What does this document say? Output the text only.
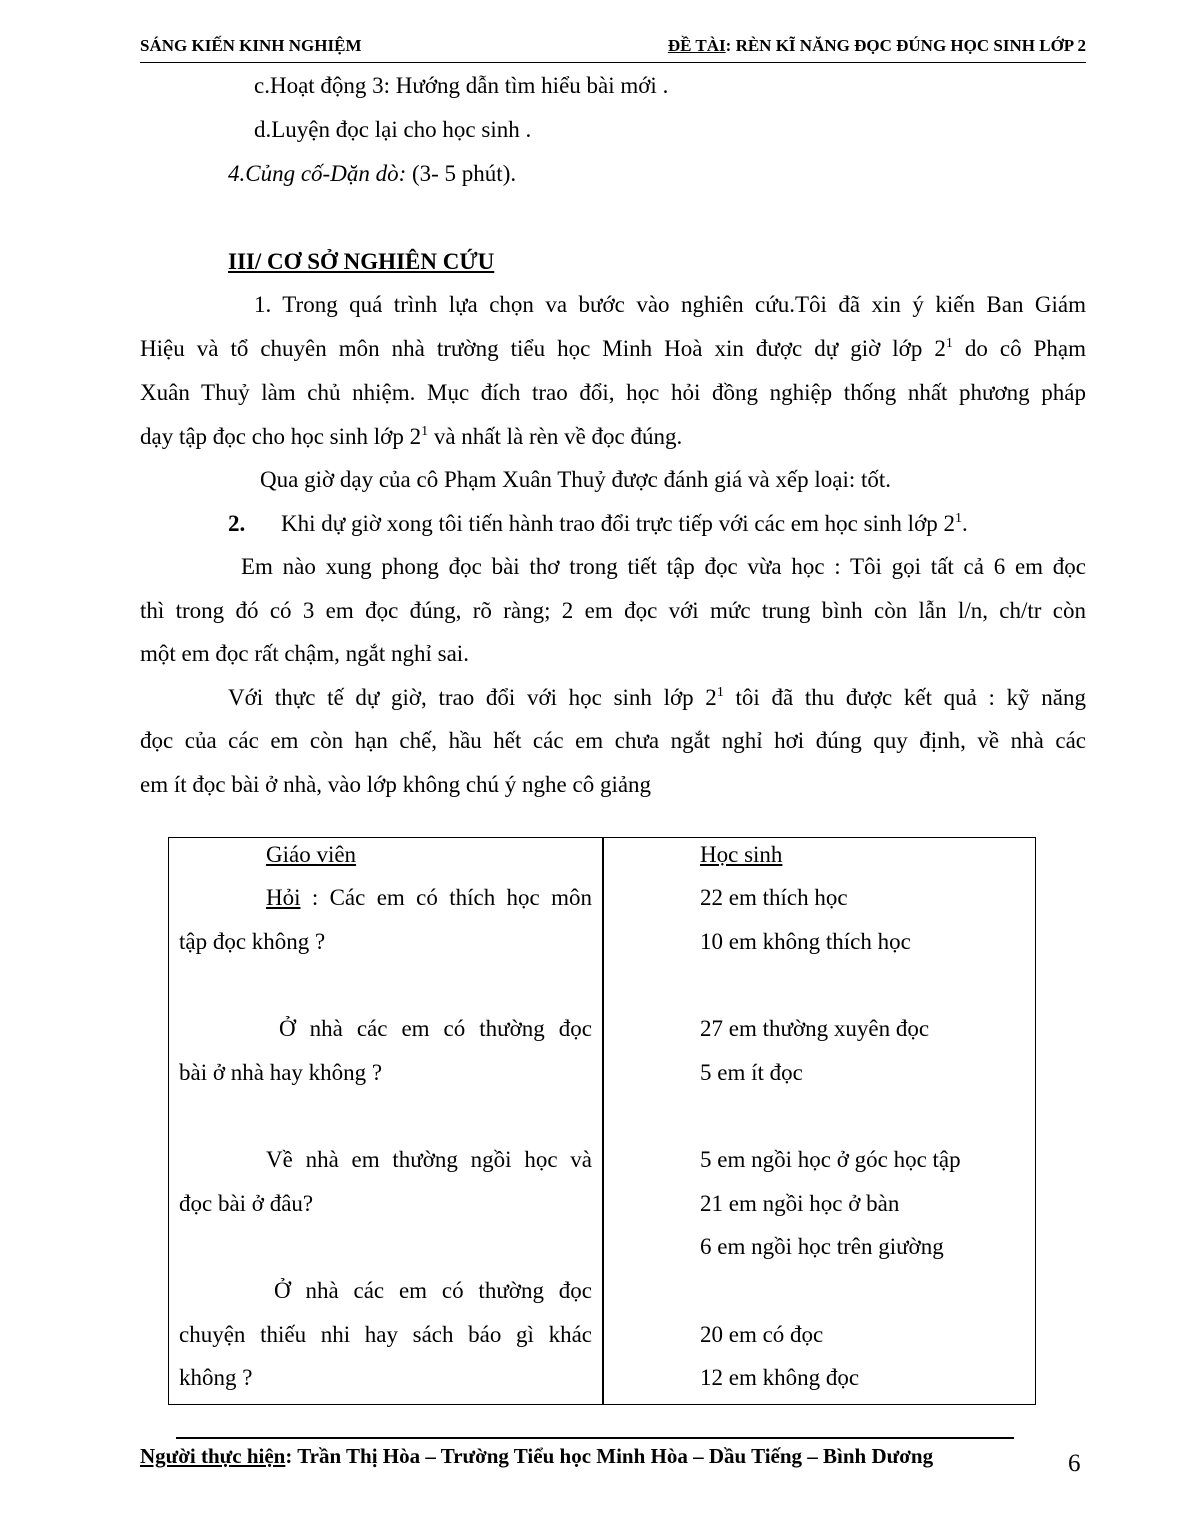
SÁNG KIẾN KINH NGHIỆM	ĐỀ TÀI: RÈN KĨ NĂNG ĐỌC ĐÚNG HỌC SINH LỚP 2
c.Hoạt động 3: Hướng dẫn tìm hiểu bài mới .
d.Luyện đọc lại cho học sinh .
4.Củng cố-Dặn dò: (3- 5 phút).
III/ CƠ SỞ NGHIÊN CỨU
1. Trong quá trình lựa chọn va bước vào nghiên cứu.Tôi đã xin ý kiến Ban Giám
Hiệu và tổ chuyên môn nhà trường tiểu học Minh Hoà xin được dự giờ lớp $2^1$ do cô Phạm
Xuân Thuỷ làm chủ nhiệm. Mục đích trao đổi, học hỏi đồng nghiệp thống nhất phương pháp
dạy tập đọc cho học sinh lớp $2^1$ và nhất là rèn về đọc đúng.
Qua giờ dạy của cô Phạm Xuân Thuỷ được đánh giá và xếp loại: tốt.
2. Khi dự giờ xong tôi tiến hành trao đổi trực tiếp với các em học sinh lớp $2^1$.
Em nào xung phong đọc bài thơ trong tiết tập đọc vừa học : Tôi gọi tất cả 6 em đọc
thì trong đó có 3 em đọc đúng, rõ ràng; 2 em đọc với mức trung bình còn lẫn l/n, ch/tr còn
một em đọc rất chậm, ngắt nghỉ sai.
Với thực tế dự giờ, trao đổi với học sinh lớp $2^1$ tôi đã thu được kết quả : kỹ năng
đọc của các em còn hạn chế, hầu hết các em chưa ngắt nghỉ hơi đúng quy định, về nhà các
em ít đọc bài ở nhà, vào lớp không chú ý nghe cô giảng
Giáo viên
Hỏi : Các em có thích học môn
tập đọc không ?
Ở nhà các em có thường đọc
bài ở nhà hay không ?
Về nhà em thường ngồi học và
đọc bài ở đâu?
Ở nhà các em có thường đọc
chuyện thiếu nhi hay sách báo gì khác
không ?
Học sinh
22 em thích học
10 em không thích học
27 em thường xuyên đọc
5 em ít đọc
5 em ngồi học ở góc học tập
21 em ngồi học ở bàn
6 em ngồi học trên giường
20 em có đọc
12 em không đọc
Người thực hiện: Trần Thị Hòa – Trường Tiểu học Minh Hòa – Dầu Tiếng – Bình Dương	6
